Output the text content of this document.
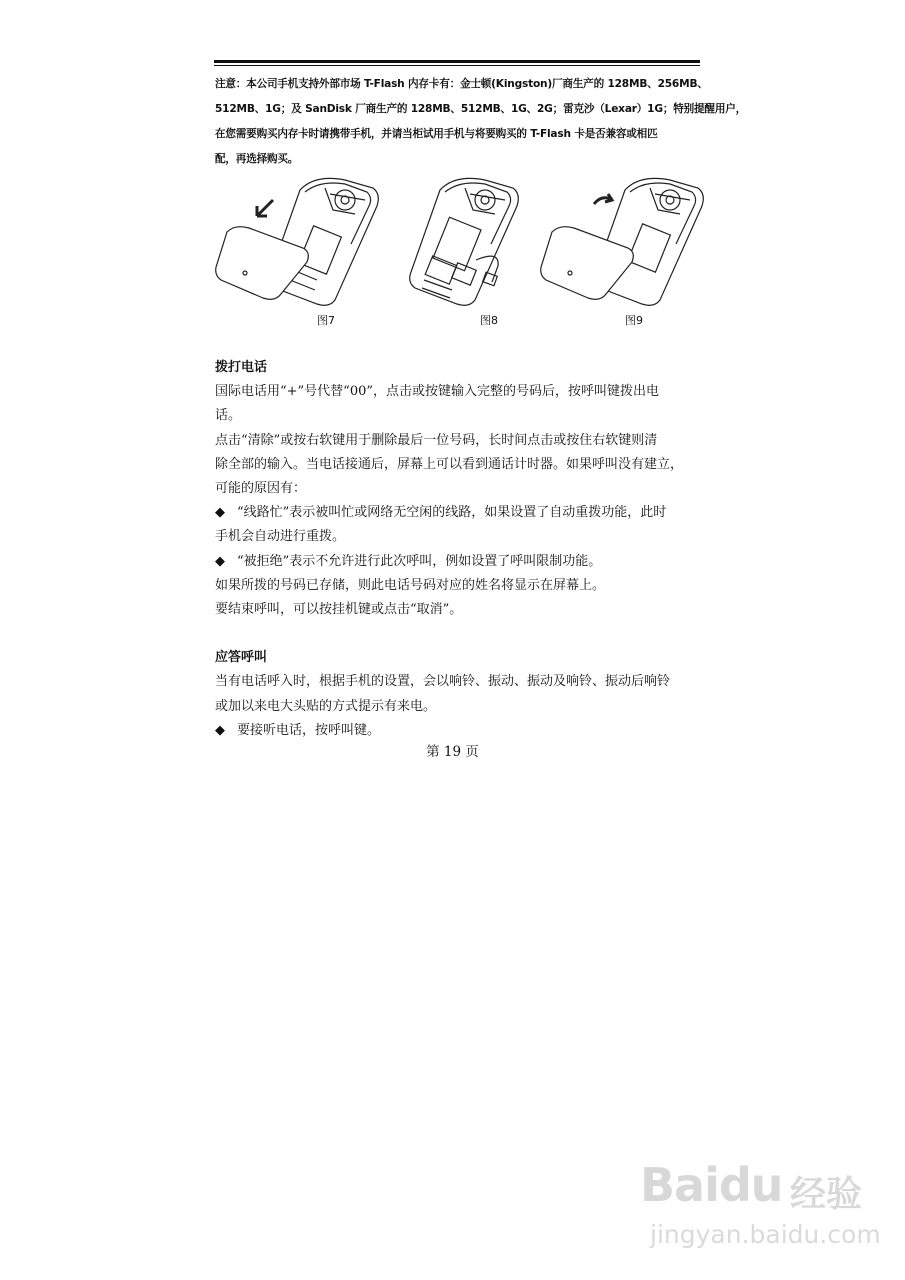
注意：本公司手机支持外部市场 T-Flash 内存卡有：金士顿(Kingston)厂商生产的 128MB、256MB、

512MB、1G；及 SanDisk 厂商生产的 128MB、512MB、1G、2G；雷克沙（Lexar）1G；特别提醒用户，

在您需要购买内存卡时请携带手机，并请当柜试用手机与将要购买的 T-Flash 卡是否兼容或相匹

配，再选择购买。

图7	图8	图9

拨打电话

国际电话用“+”号代替“00”，点击或按键输入完整的号码后，按呼叫键拨出电

话。

点击“清除”或按右软键用于删除最后一位号码，长时间点击或按住右软键则清

除全部的输入。当电话接通后，屏幕上可以看到通话计时器。如果呼叫没有建立，

可能的原因有：

◆ “线路忙”表示被叫忙或网络无空闲的线路，如果设置了自动重拨功能，此时

手机会自动进行重拨。

◆ “被拒绝”表示不允许进行此次呼叫，例如设置了呼叫限制功能。

如果所拨的号码已存储，则此电话号码对应的姓名将显示在屏幕上。

要结束呼叫，可以按挂机键或点击“取消”。

应答呼叫

当有电话呼入时，根据手机的设置，会以响铃、振动、振动及响铃、振动后响铃

或加以来电大头贴的方式提示有来电。

◆ 要接听电话，按呼叫键。

第 19 页
Baidu 经验
jingyan.baidu.com
